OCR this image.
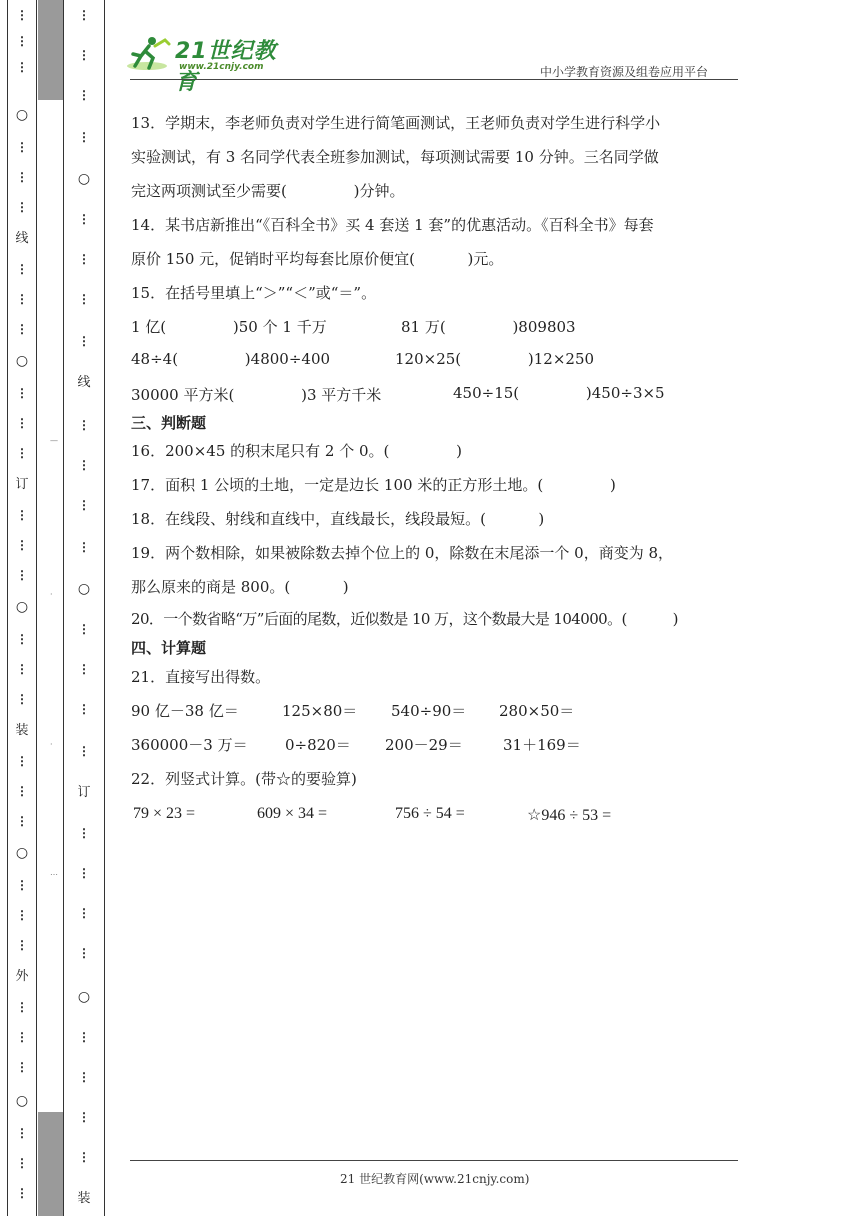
⋮
⋮
⋮
○
⋮
⋮
⋮
线
⋮
⋮
⋮
○
⋮
⋮
⋮
订
⋮
⋮
⋮
○
⋮
⋮
⋮
装
⋮
⋮
⋮
○
⋮
⋮
⋮
外
⋮
⋮
⋮
○
⋮
⋮
⋮
—
·
·
⋯
⋮
⋮
⋮
⋮
○
⋮
⋮
⋮
⋮
线
⋮
⋮
⋮
⋮
○
⋮
⋮
⋮
⋮
订
⋮
⋮
⋮
⋮
○
⋮
⋮
⋮
⋮
装
21世纪教育
www.21cnjy.com	中小学教育资源及组卷应用平台
13．学期末，李老师负责对学生进行简笔画测试，王老师负责对学生进行科学小
实验测试，有 3 名同学代表全班参加测试，每项测试需要 10 分钟。三名同学做
完这两项测试至少需要(              )分钟。
14．某书店新推出“《百科全书》买 4 套送 1 套”的优惠活动。《百科全书》每套
原价 150 元，促销时平均每套比原价便宜(           )元。
15．在括号里填上“＞”“＜”或“＝”。
1 亿(              )50 个 1 千万	81 万(              )809803
48÷4(              )4800÷400	120×25(              )12×250
30000 平方米(              )3 平方千米	450÷15(              )450÷3×5
三、判断题
16．200×45 的积末尾只有 2 个 0。(              )
17．面积 1 公顷的土地，一定是边长 100 米的正方形土地。(              )
18．在线段、射线和直线中，直线最长，线段最短。(           )
19．两个数相除，如果被除数去掉个位上的 0，除数在末尾添一个 0，商变为 8，
那么原来的商是 800。(           )
20．一个数省略“万”后面的尾数，近似数是 10 万，这个数最大是 104000。(           )
四、计算题
21．直接写出得数。
90 亿－38 亿＝	125×80＝ 540÷90＝ 280×50＝
360000－3 万＝ 0÷820＝ 200－29＝	31＋169＝
22．列竖式计算。(带☆的要验算)
79 × 23 =	609 × 34 =	756 ÷ 54 =	☆946 ÷ 53 =
21 世纪教育网(www.21cnjy.com)
